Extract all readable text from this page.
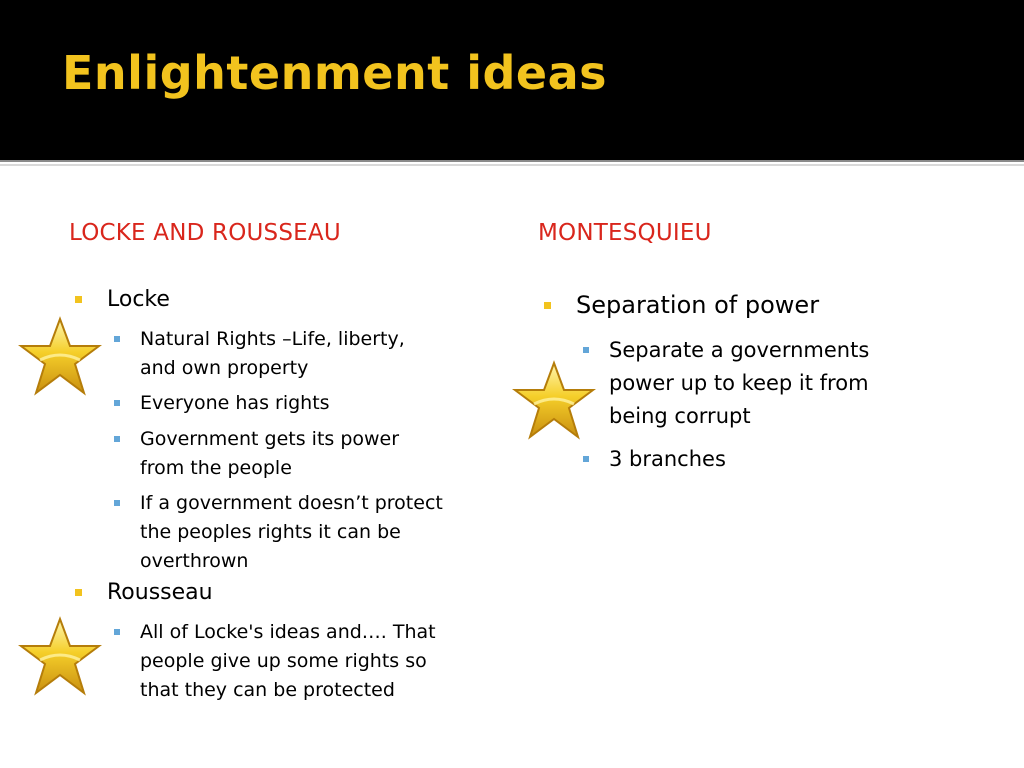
Enlightenment ideas
LOCKE AND ROUSSEAU
Locke
Natural Rights –Life, liberty,
and own property
Everyone has rights
Government gets its power
from the people
If a government doesn’t protect
the peoples rights it can be
overthrown
Rousseau
All of Locke's ideas and…. That
people give up some rights so
that they can be protected
MONTESQUIEU
Separation of power
Separate a governments
power up to keep it from
being corrupt
3 branches
